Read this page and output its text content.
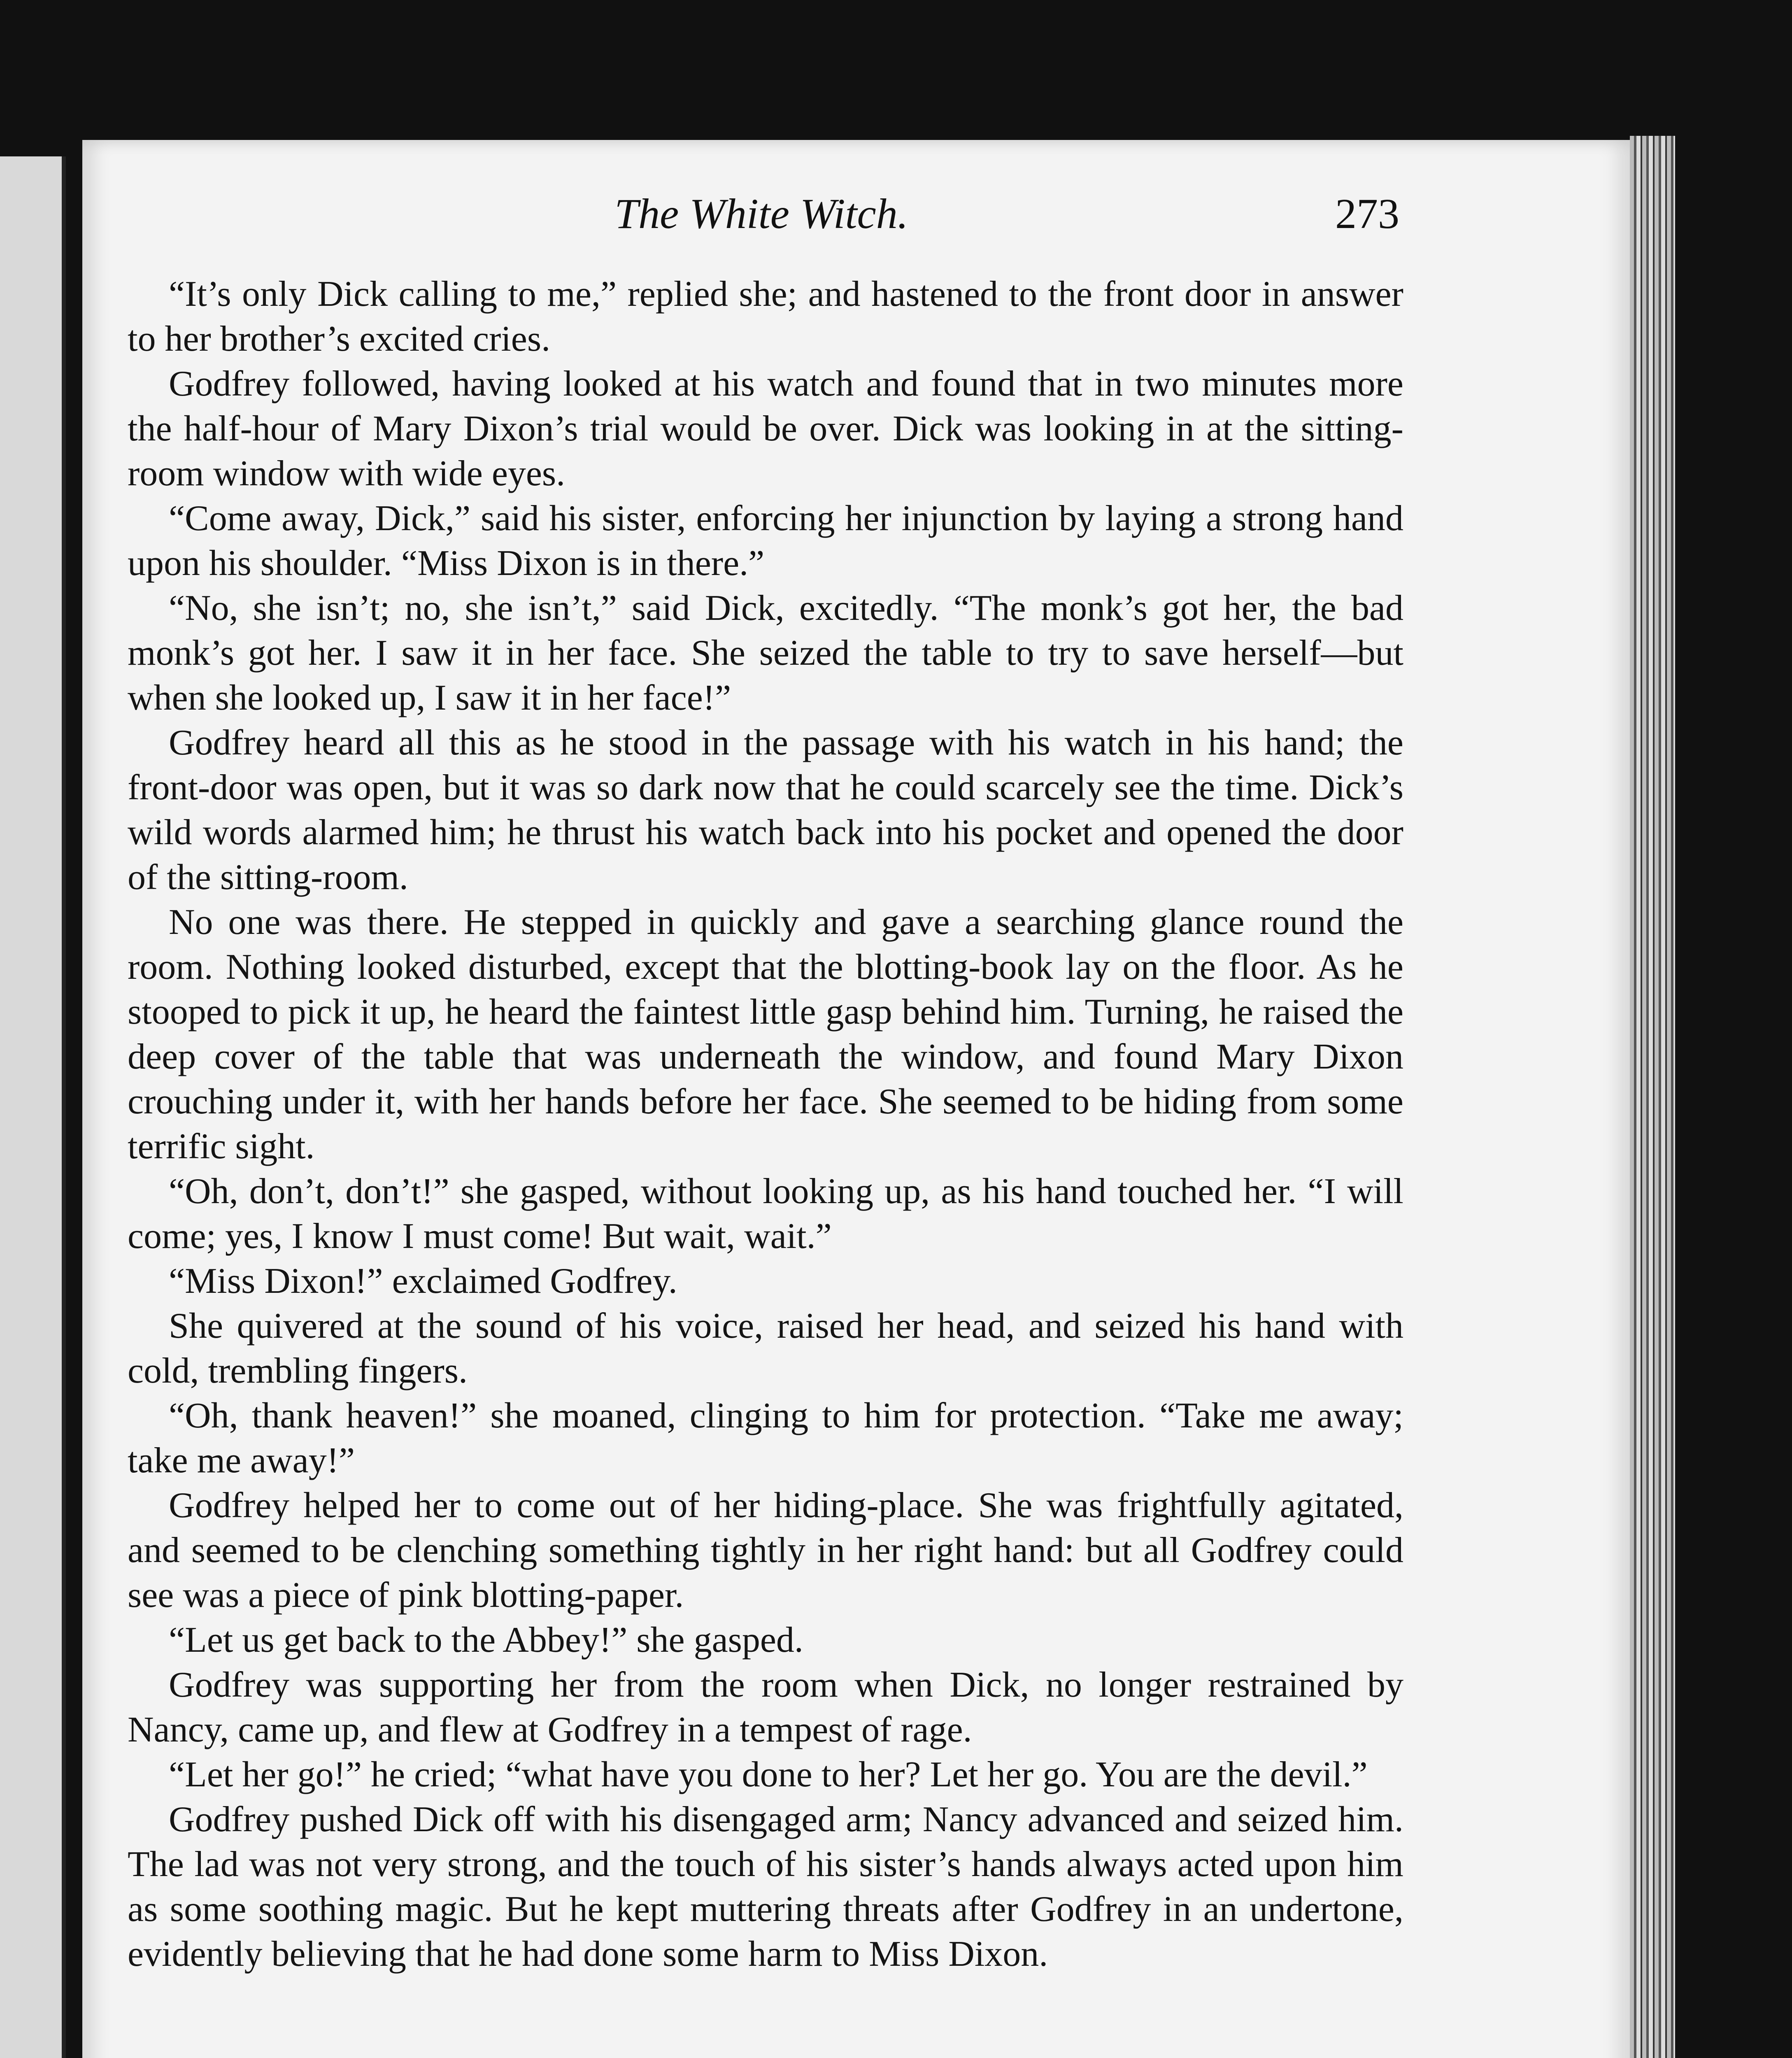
The White Witch.	273

“It’s only Dick calling to me,” replied she; and hastened to the front door in answer to her brother’s excited cries.

Godfrey followed, having looked at his watch and found that in two minutes more the half-hour of Mary Dixon’s trial would be over. Dick was looking in at the sitting-room window with wide eyes.

“Come away, Dick,” said his sister, enforcing her injunction by laying a strong hand upon his shoulder. “Miss Dixon is in there.”

“No, she isn’t; no, she isn’t,” said Dick, excitedly. “The monk’s got her, the bad monk’s got her. I saw it in her face. She seized the table to try to save herself—but when she looked up, I saw it in her face!”

Godfrey heard all this as he stood in the passage with his watch in his hand; the front-door was open, but it was so dark now that he could scarcely see the time. Dick’s wild words alarmed him; he thrust his watch back into his pocket and opened the door of the sitting-room.

No one was there. He stepped in quickly and gave a searching glance round the room. Nothing looked disturbed, except that the blotting-book lay on the floor. As he stooped to pick it up, he heard the faintest little gasp behind him. Turning, he raised the deep cover of the table that was underneath the window, and found Mary Dixon crouching under it, with her hands before her face. She seemed to be hiding from some terrific sight.

“Oh, don’t, don’t!” she gasped, without looking up, as his hand touched her. “I will come; yes, I know I must come! But wait, wait.”

“Miss Dixon!” exclaimed Godfrey.

She quivered at the sound of his voice, raised her head, and seized his hand with cold, trembling fingers.

“Oh, thank heaven!” she moaned, clinging to him for protection. “Take me away; take me away!”

Godfrey helped her to come out of her hiding-place. She was frightfully agitated, and seemed to be clenching something tightly in her right hand: but all Godfrey could see was a piece of pink blotting-paper.

“Let us get back to the Abbey!” she gasped.

Godfrey was supporting her from the room when Dick, no longer restrained by Nancy, came up, and flew at Godfrey in a tempest of rage.

“Let her go!” he cried; “what have you done to her? Let her go. You are the devil.”

Godfrey pushed Dick off with his disengaged arm; Nancy advanced and seized him. The lad was not very strong, and the touch of his sister’s hands always acted upon him as some soothing magic. But he kept muttering threats after Godfrey in an undertone, evidently believing that he had done some harm to Miss Dixon.
